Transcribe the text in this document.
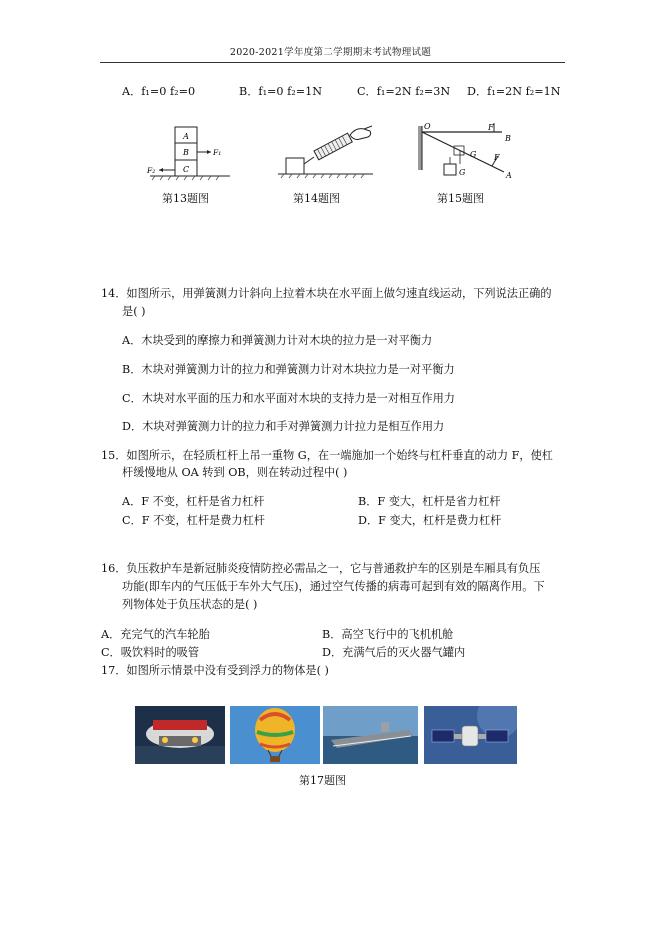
2020-2021学年度第二学期期末考试物理试题
A．f₁=0 f₂=0	B．f₁=0 f₂=1N	C．f₁=2N f₂=3N D．f₁=2N f₂=1N
A
B
C
F₁
F₂
第13题图	第14题图
O	F
B
G F
G	A
第15题图
14．如图所示，用弹簧测力计斜向上拉着木块在水平面上做匀速直线运动，下列说法正确的
是( )
A．木块受到的摩擦力和弹簧测力计对木块的拉力是一对平衡力
B．木块对弹簧测力计的拉力和弹簧测力计对木块拉力是一对平衡力
C．木块对水平面的压力和水平面对木块的支持力是一对相互作用力
D．木块对弹簧测力计的拉力和手对弹簧测力计拉力是相互作用力
15．如图所示，在轻质杠杆上吊一重物 G，在一端施加一个始终与杠杆垂直的动力 F，使杠
杆缓慢地从 OA 转到 OB，则在转动过程中( )
A．F 不变，杠杆是省力杠杆	B．F 变大，杠杆是省力杠杆
C．F 不变，杠杆是费力杠杆	D．F 变大，杠杆是费力杠杆
16．负压救护车是新冠肺炎疫情防控必需品之一，它与普通救护车的区别是车厢具有负压
功能(即车内的气压低于车外大气压)，通过空气传播的病毒可起到有效的隔离作用。下
列物体处于负压状态的是( )
A．充完气的汽车轮胎	B．高空飞行中的飞机机舱
C．吸饮料时的吸管	D．充满气后的灭火器气罐内
17．如图所示情景中没有受到浮力的物体是( )
第17题图
